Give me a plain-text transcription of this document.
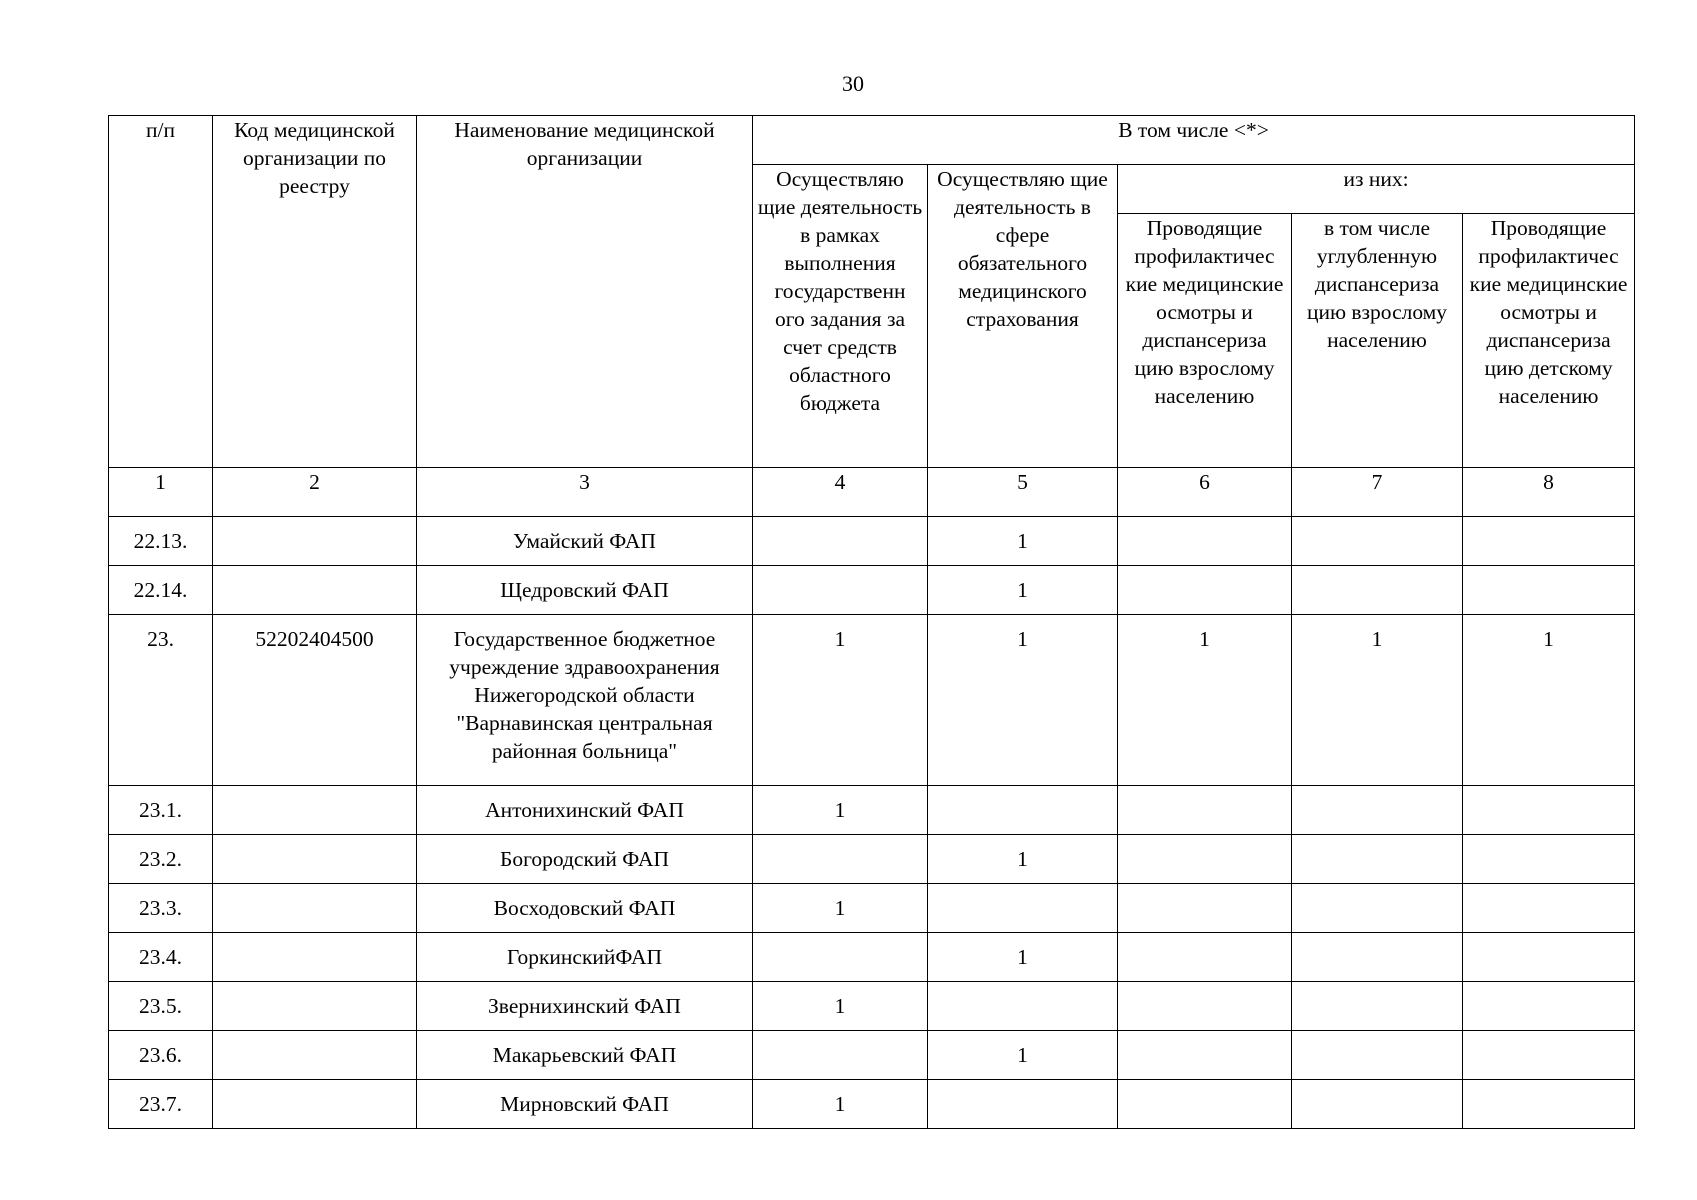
30
п/п	Код медицинской организации по реестру	Наименование медицинской организации	В том числе <*>				
			Осуществляю щие деятельность в рамках выполнения государственн ого задания за счет средств областного бюджета	Осуществляю щие деятельность в сфере обязательного медицинского страхования	из них:		
					Проводящие профилактичес кие медицинские осмотры и диспансериза цию взрослому населению	в том числе углубленную диспансериза цию взрослому населению	Проводящие профилактичес кие медицинские осмотры и диспансериза цию детскому населению
1	2	3	4	5	6	7	8
22.13.		Умайский ФАП		1			
22.14.		Щедровский ФАП		1			
23.	52202404500	Государственное бюджетное учреждение здравоохранения Нижегородской области "Варнавинская центральная районная больница"	1	1	1	1	1
23.1.		Антонихинский ФАП	1				
23.2.		Богородский ФАП		1			
23.3.		Восходовский ФАП	1				
23.4.		ГоркинскийФАП		1			
23.5.		Звернихинский ФАП	1				
23.6.		Макарьевский ФАП		1			
23.7.		Мирновский ФАП	1				
